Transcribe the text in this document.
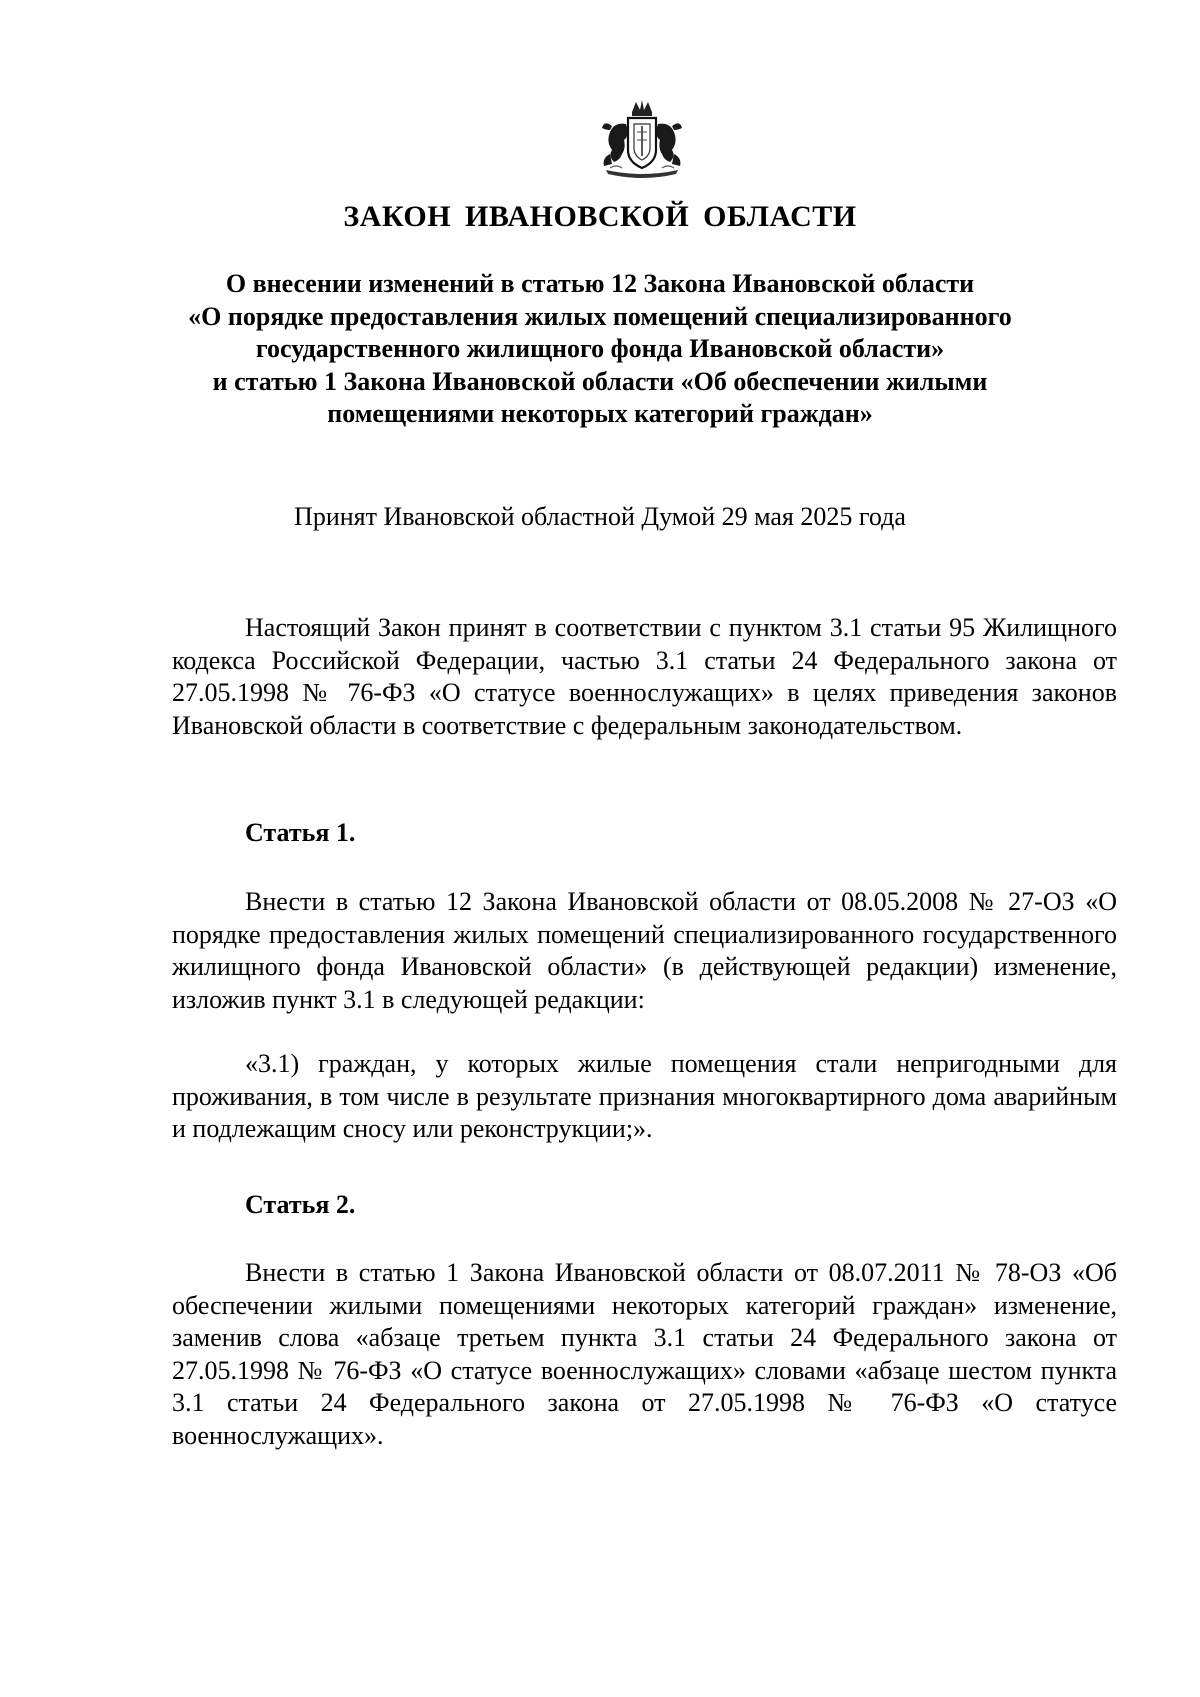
ЗАКОН ИВАНОВСКОЙ ОБЛАСТИ
О внесении изменений в статью 12 Закона Ивановской области
«О порядке предоставления жилых помещений специализированного
государственного жилищного фонда Ивановской области»
и статью 1 Закона Ивановской области «Об обеспечении жилыми
помещениями некоторых категорий граждан»

Принят Ивановской областной Думой 29 мая 2025 года

Настоящий Закон принят в соответствии с пунктом 3.1 статьи 95 Жилищного кодекса Российской Федерации, частью 3.1 статьи 24 Федерального закона от 27.05.1998 № 76-ФЗ «О статусе военнослужащих» в целях приведения законов Ивановской области в соответствие с федеральным законодательством.

Статья 1.

Внести в статью 12 Закона Ивановской области от 08.05.2008 № 27-ОЗ «О порядке предоставления жилых помещений специализированного государственного жилищного фонда Ивановской области» (в действующей редакции) изменение, изложив пункт 3.1 в следующей редакции:

«3.1) граждан, у которых жилые помещения стали непригодными для проживания, в том числе в результате признания многоквартирного дома аварийным и подлежащим сносу или реконструкции;».

Статья 2.

Внести в статью 1 Закона Ивановской области от 08.07.2011 № 78-ОЗ «Об обеспечении жилыми помещениями некоторых категорий граждан» изменение, заменив слова «абзаце третьем пункта 3.1 статьи 24 Федерального закона от 27.05.1998 № 76-ФЗ «О статусе военнослужащих» словами «абзаце шестом пункта 3.1 статьи 24 Федерального закона от 27.05.1998 № 76-ФЗ «О статусе военнослужащих».
